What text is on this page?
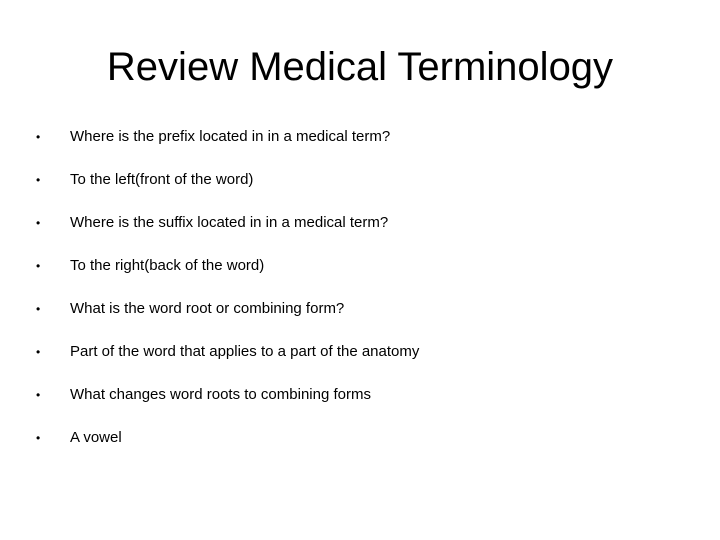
Review Medical Terminology
•	Where is the prefix located in in a medical term?
•	To the left(front of the word)
•	Where is the suffix located in in a medical term?
•	To the right(back of the word)
•	What is the word root or combining form?
•	Part of the word that applies to a part of the anatomy
•	What changes word roots to combining forms
•	A vowel
